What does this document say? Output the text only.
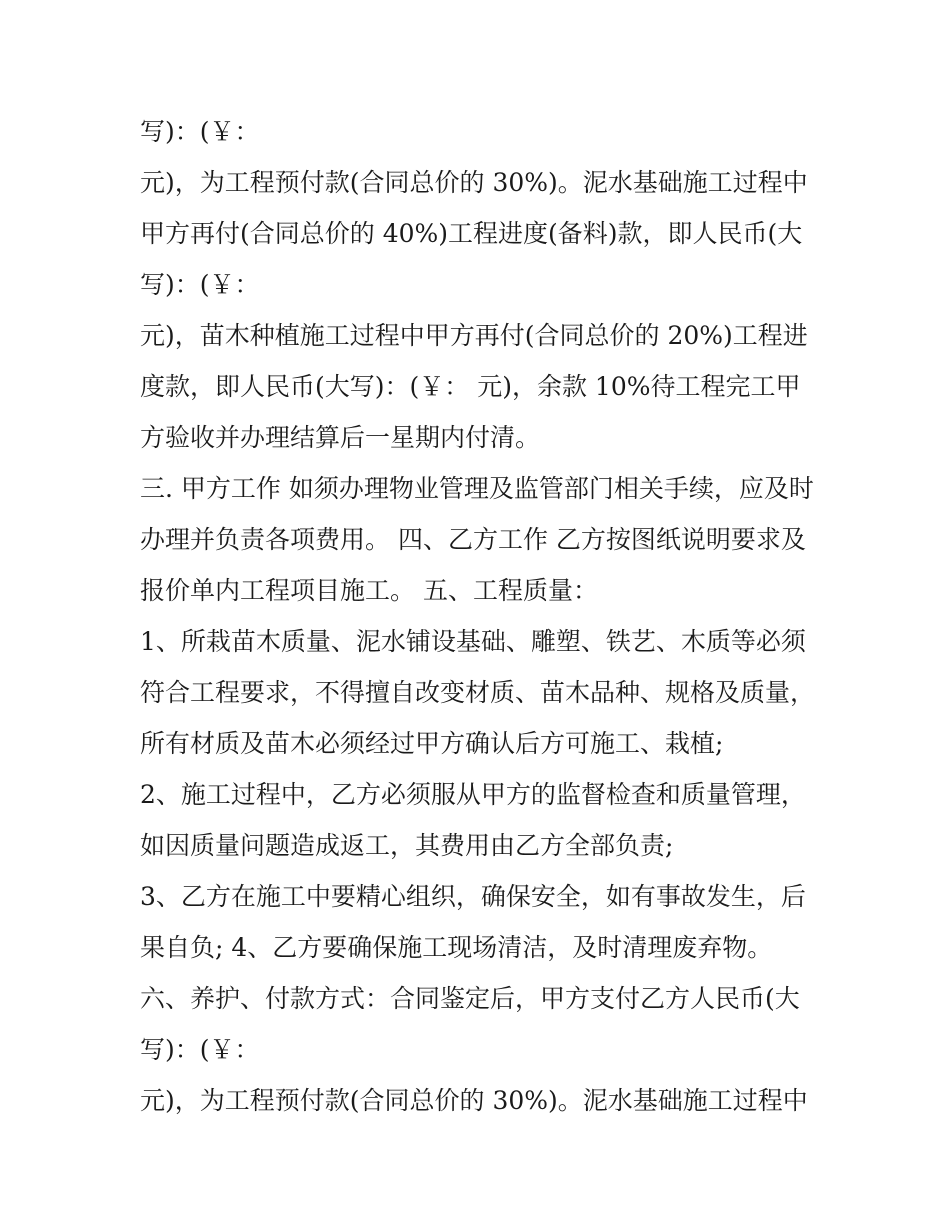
写)：(￥：
元)，为工程预付款(合同总价的 30%)。泥水基础施工过程中
甲方再付(合同总价的 40%)工程进度(备料)款，即人民币(大
写)：(￥：
元)，苗木种植施工过程中甲方再付(合同总价的 20%)工程进
度款，即人民币(大写)：(￥： 元)，余款 10%待工程完工甲
方验收并办理结算后一星期内付清。
三. 甲方工作 如须办理物业管理及监管部门相关手续，应及时
办理并负责各项费用。 四、乙方工作 乙方按图纸说明要求及
报价单内工程项目施工。 五、工程质量：
1、所栽苗木质量、泥水铺设基础、雕塑、铁艺、木质等必须
符合工程要求，不得擅自改变材质、苗木品种、规格及质量，
所有材质及苗木必须经过甲方确认后方可施工、栽植;
2、施工过程中，乙方必须服从甲方的监督检查和质量管理，
如因质量问题造成返工，其费用由乙方全部负责;
3、乙方在施工中要精心组织，确保安全，如有事故发生，后
果自负; 4、乙方要确保施工现场清洁，及时清理废弃物。
六、养护、付款方式：合同鉴定后，甲方支付乙方人民币(大
写)：(￥：
元)，为工程预付款(合同总价的 30%)。泥水基础施工过程中
